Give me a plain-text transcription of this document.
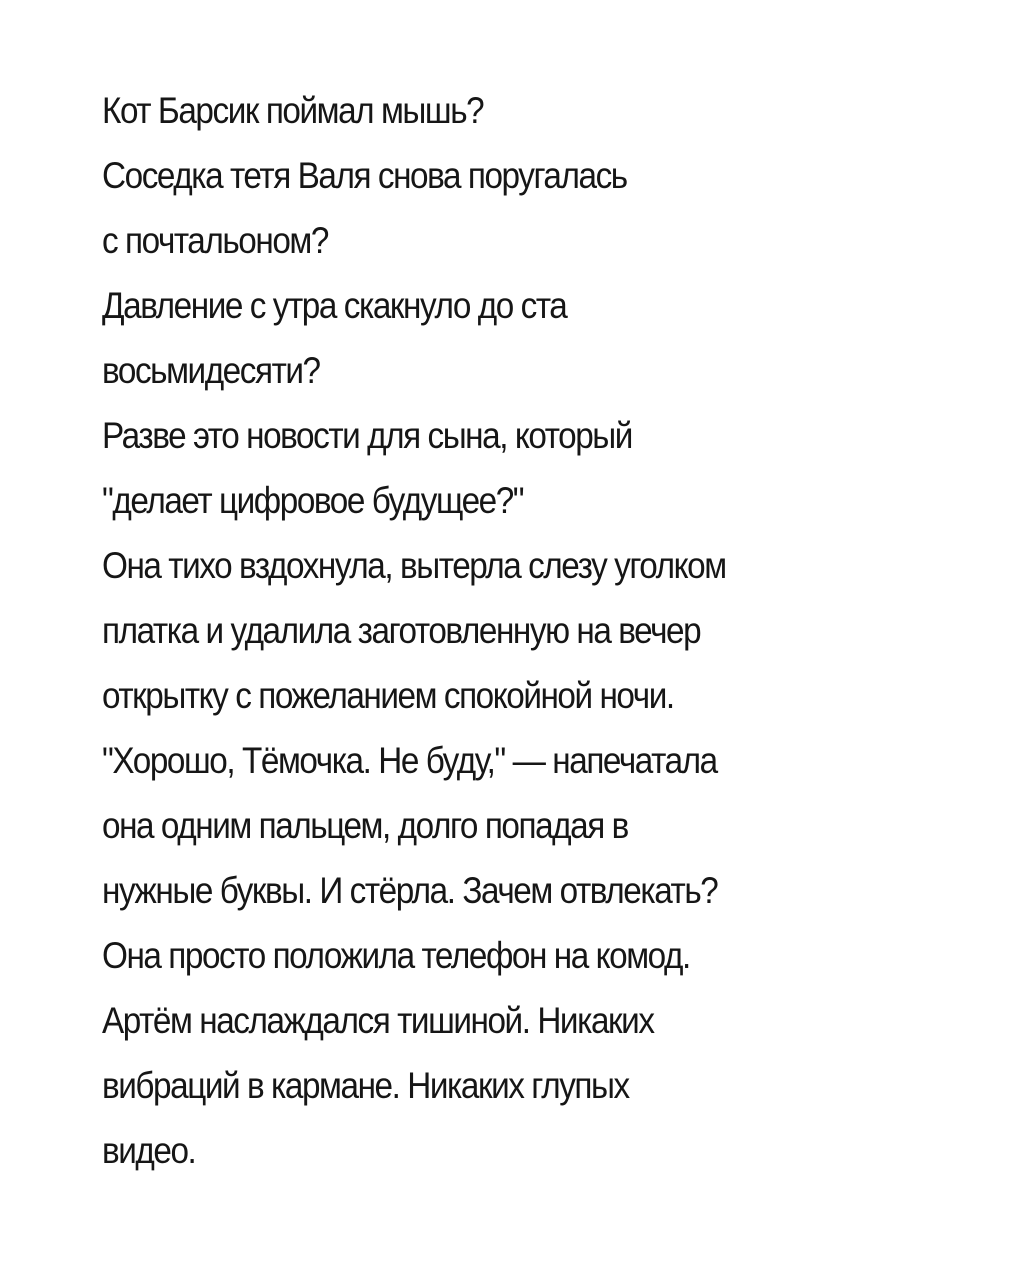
Кот Барсик поймал мышь?
Соседка тетя Валя снова поругалась
с почтальоном?
Давление с утра скакнуло до ста
восьмидесяти?
Разве это новости для сына, который
"делает цифровое будущее?"
Она тихо вздохнула, вытерла слезу уголком
платка и удалила заготовленную на вечер
открытку с пожеланием спокойной ночи.
"Хорошо, Тёмочка. Не буду," — напечатала
она одним пальцем, долго попадая в
нужные буквы. И стёрла. Зачем отвлекать?
Она просто положила телефон на комод.
Артём наслаждался тишиной. Никаких
вибраций в кармане. Никаких глупых
видео.
